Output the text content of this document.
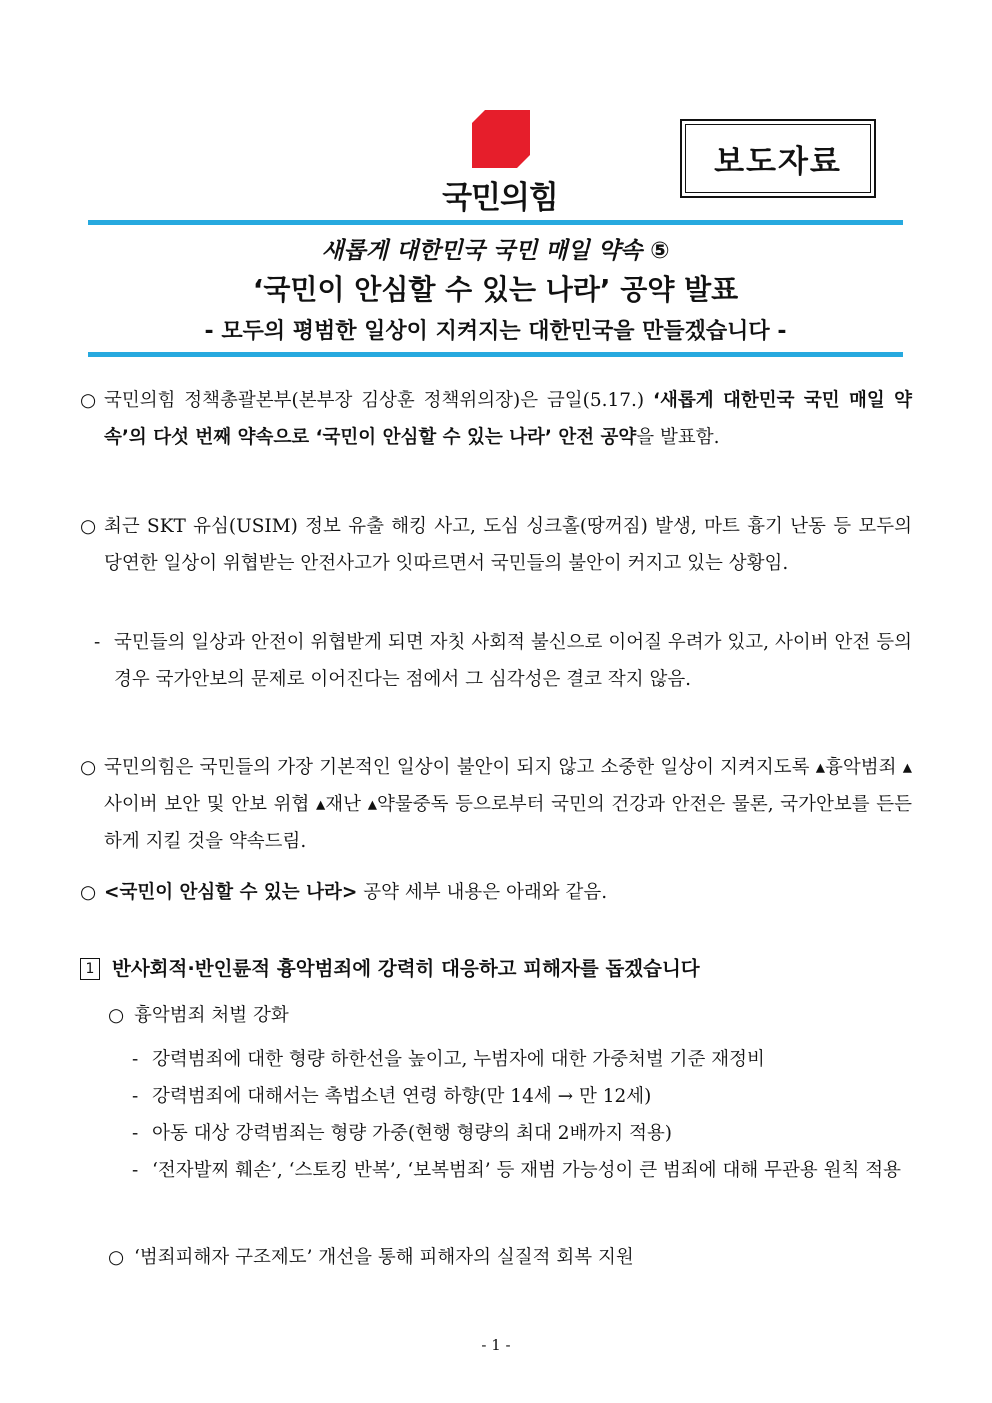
국민의힘
보도자료
새롭게 대한민국 국민 매일 약속 ⑤
‘국민이 안심할 수 있는 나라’ 공약 발표
- 모두의 평범한 일상이 지켜지는 대한민국을 만들겠습니다 -
○ 국민의힘 정책총괄본부(본부장 김상훈 정책위의장)은 금일(5.17.) ‘새롭게 대한민국 국민 매일 약속’의 다섯 번째 약속으로 ‘국민이 안심할 수 있는 나라’ 안전 공약을 발표함.
○ 최근 SKT 유심(USIM) 정보 유출 해킹 사고, 도심 싱크홀(땅꺼짐) 발생, 마트 흉기 난동 등 모두의 당연한 일상이 위협받는 안전사고가 잇따르면서 국민들의 불안이 커지고 있는 상황임.
- 국민들의 일상과 안전이 위협받게 되면 자칫 사회적 불신으로 이어질 우려가 있고, 사이버 안전 등의 경우 국가안보의 문제로 이어진다는 점에서 그 심각성은 결코 작지 않음.
○ 국민의힘은 국민들의 가장 기본적인 일상이 불안이 되지 않고 소중한 일상이 지켜지도록 ▴흉악범죄 ▴사이버 보안 및 안보 위협 ▴재난 ▴약물중독 등으로부터 국민의 건강과 안전은 물론, 국가안보를 든든하게 지킬 것을 약속드림.
○ <국민이 안심할 수 있는 나라> 공약 세부 내용은 아래와 같음.
1 반사회적·반인륜적 흉악범죄에 강력히 대응하고 피해자를 돕겠습니다
○ 흉악범죄 처벌 강화
- 강력범죄에 대한 형량 하한선을 높이고, 누범자에 대한 가중처벌 기준 재정비
- 강력범죄에 대해서는 촉법소년 연령 하향(만 14세 → 만 12세)
- 아동 대상 강력범죄는 형량 가중(현행 형량의 최대 2배까지 적용)
- ‘전자발찌 훼손’, ‘스토킹 반복’, ‘보복범죄’ 등 재범 가능성이 큰 범죄에 대해 무관용 원칙 적용
○ ‘범죄피해자 구조제도’ 개선을 통해 피해자의 실질적 회복 지원
- 1 -
